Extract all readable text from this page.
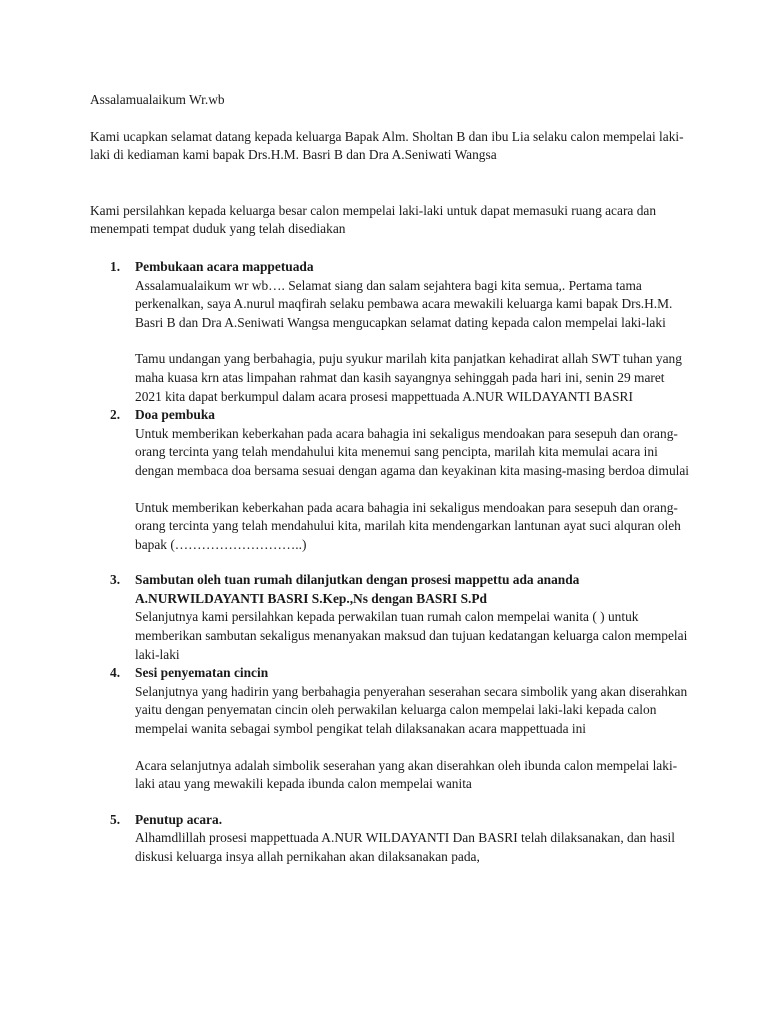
Assalamualaikum Wr.wb

Kami ucapkan selamat datang kepada keluarga Bapak Alm. Sholtan B dan ibu Lia selaku calon mempelai laki-laki di kediaman kami bapak Drs.H.M. Basri B dan Dra A.Seniwati Wangsa

Kami persilahkan kepada keluarga besar calon mempelai laki-laki untuk dapat memasuki ruang acara dan menempati tempat duduk yang telah disediakan

1. Pembukaan acara mappetuada

Assalamualaikum wr wb…. Selamat siang dan salam sejahtera bagi kita semua,. Pertama tama perkenalkan, saya A.nurul maqfirah selaku pembawa acara mewakili keluarga kami bapak Drs.H.M. Basri B dan Dra A.Seniwati Wangsa mengucapkan selamat dating kepada calon mempelai laki-laki

Tamu undangan yang berbahagia, puju syukur marilah kita panjatkan kehadirat allah SWT tuhan yang maha kuasa krn atas limpahan rahmat dan kasih sayangnya sehinggah pada hari ini, senin 29 maret 2021 kita dapat berkumpul dalam acara prosesi mappettuada A.NUR WILDAYANTI BASRI

2. Doa pembuka

Untuk memberikan keberkahan pada acara bahagia ini sekaligus mendoakan para sesepuh dan orang-orang tercinta yang telah mendahului kita menemui sang pencipta, marilah kita memulai acara ini dengan membaca doa bersama sesuai dengan agama dan keyakinan kita masing-masing berdoa dimulai

Untuk memberikan keberkahan pada acara bahagia ini sekaligus mendoakan para sesepuh dan orang-orang tercinta yang telah mendahului kita, marilah kita mendengarkan lantunan ayat suci alquran oleh bapak (………………………..)

3. Sambutan oleh tuan rumah dilanjutkan dengan prosesi mappettu ada ananda A.NURWILDAYANTI BASRI S.Kep.,Ns dengan BASRI S.Pd

Selanjutnya kami persilahkan kepada perwakilan tuan rumah calon mempelai wanita ( ) untuk memberikan sambutan sekaligus menanyakan maksud dan tujuan kedatangan keluarga calon mempelai laki-laki

4. Sesi penyematan cincin

Selanjutnya yang hadirin yang berbahagia penyerahan seserahan secara simbolik yang akan diserahkan yaitu dengan penyematan cincin oleh perwakilan keluarga calon mempelai laki-laki kepada calon mempelai wanita sebagai symbol pengikat telah dilaksanakan acara mappettuada ini

Acara selanjutnya adalah simbolik seserahan yang akan diserahkan oleh ibunda calon mempelai laki-laki atau yang mewakili kepada ibunda calon mempelai wanita

5. Penutup acara.

Alhamdlillah prosesi mappettuada A.NUR WILDAYANTI Dan BASRI telah dilaksanakan, dan hasil diskusi keluarga insya allah pernikahan akan dilaksanakan pada,
